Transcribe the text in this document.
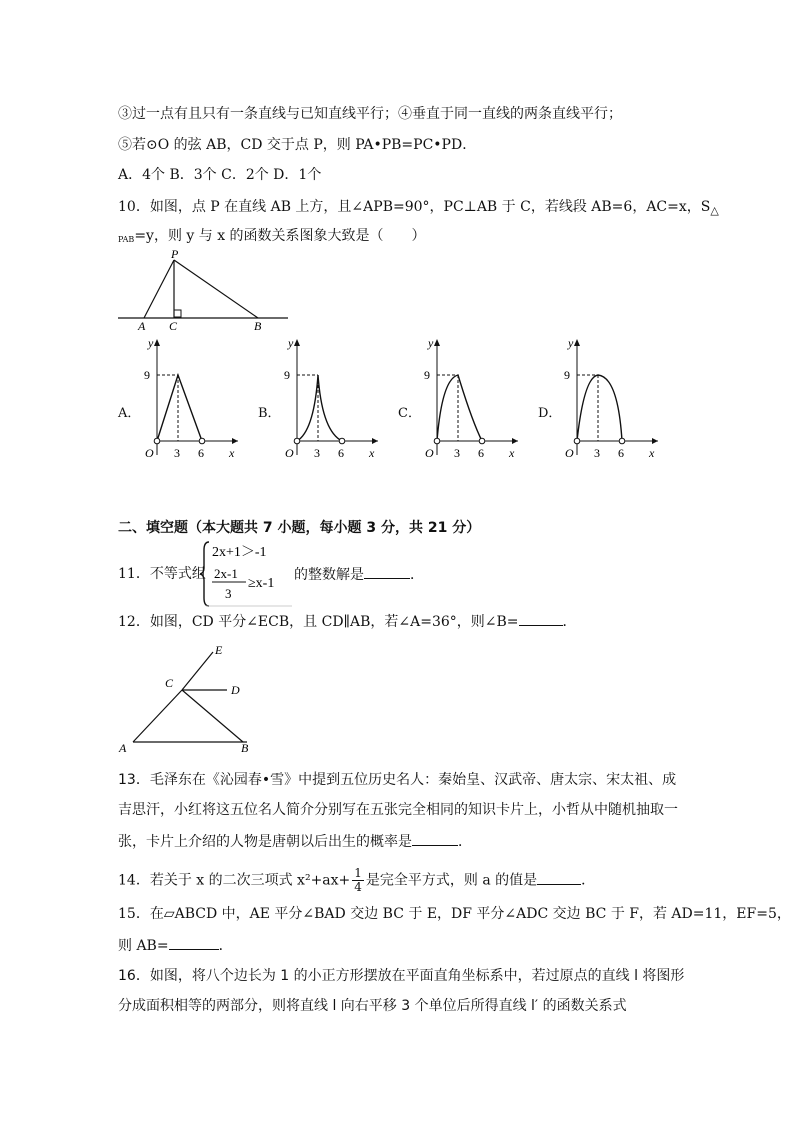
③过一点有且只有一条直线与已知直线平行；④垂直于同一直线的两条直线平行；
⑤若⊙O 的弦 AB，CD 交于点 P，则 PA•PB=PC•PD．
A．4个 B．3个 C．2个 D．1个
10．如图，点 P 在直线 AB 上方，且∠APB=90°，PC⊥AB 于 C，若线段 AB=6，AC=x，$S_\triangle$
PAB=y，则 y 与 x 的函数关系图象大致是（　　）
P
A C	B
A．	B．	C．	D．
y
9
O 3 6 x
y
9
O 3 6 x
y
9
O 3 6 x
y
9
O 3 6 x
二、填空题（本大题共 7 小题，每小题 3 分，共 21 分）
11．不等式组
2x+1＞-1
2x-1
3
≥x-1
的整数解是	．
12．如图，CD 平分∠ECB，且 CD∥AB，若∠A=36°，则∠B=	．
E
C	D
A	B
13．毛泽东在《沁园春•雪》中提到五位历史名人：秦始皇、汉武帝、唐太宗、宋太祖、成
吉思汗，小红将这五位名人简介分别写在五张完全相同的知识卡片上，小哲从中随机抽取一
张，卡片上介绍的人物是唐朝以后出生的概率是	．
14．若关于 x 的二次三项式 $x^2+ax+ \frac{1}{4}$ 是完全平方式，则 a 的值是	．
15．在▱ABCD 中，AE 平分∠BAD 交边 BC 于 E，DF 平分∠ADC 交边 BC 于 F，若 AD=11，EF=5，
则 AB=	．
16．如图，将八个边长为 1 的小正方形摆放在平面直角坐标系中，若过原点的直线 l 将图形
分成面积相等的两部分，则将直线 l 向右平移 3 个单位后所得直线 l′ 的函数关系式
